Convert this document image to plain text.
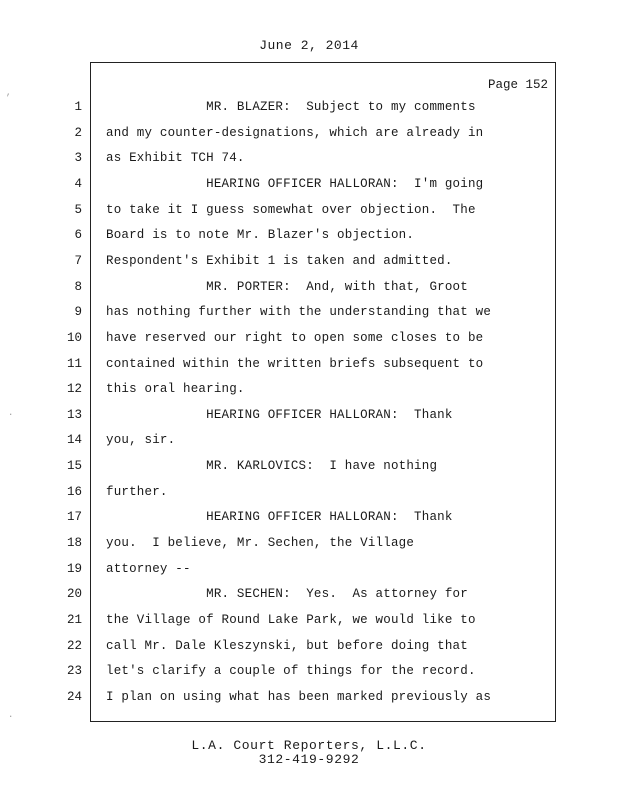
June 2, 2014
Page 152
1 MR. BLAZER:  Subject to my comments
2 and my counter-designations, which are already in
3 as Exhibit TCH 74.
4 HEARING OFFICER HALLORAN:  I'm going
5 to take it I guess somewhat over objection.  The
6 Board is to note Mr. Blazer's objection.
7 Respondent's Exhibit 1 is taken and admitted.
8 MR. PORTER:  And, with that, Groot
9 has nothing further with the understanding that we
10 have reserved our right to open some closes to be
11 contained within the written briefs subsequent to
12 this oral hearing.
13 HEARING OFFICER HALLORAN:  Thank
14 you, sir.
15 MR. KARLOVICS:  I have nothing
16 further.
17 HEARING OFFICER HALLORAN:  Thank
18 you.  I believe, Mr. Sechen, the Village
19 attorney --
20 MR. SECHEN:  Yes.  As attorney for
21 the Village of Round Lake Park, we would like to
22 call Mr. Dale Kleszynski, but before doing that
23 let's clarify a couple of things for the record.
24 I plan on using what has been marked previously as
L.A. Court Reporters, L.L.C.
312-419-9292
,
.
.
